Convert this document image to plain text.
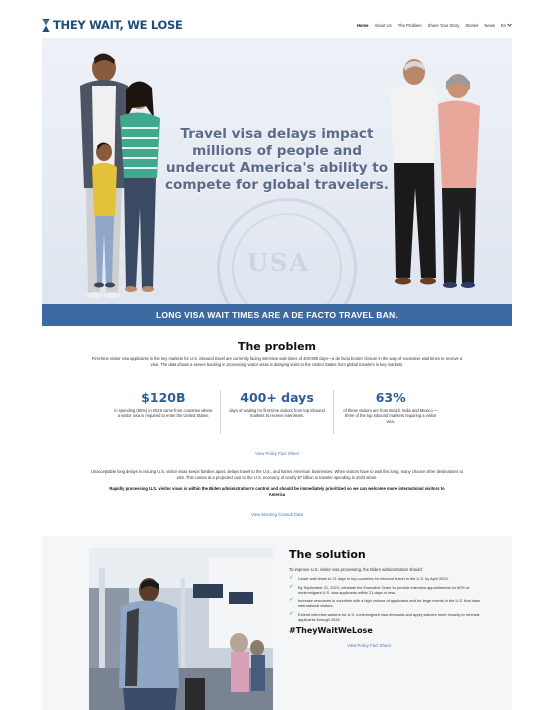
THEY WAIT, WE LOSE	Home About Us The Problem Share Your Story Stories News En
USA
Travel visa delays impact millions of people and undercut America's ability to compete for global travelers.
LONG VISA WAIT TIMES ARE A DE FACTO TRAVEL BAN.
The problem
First-time visitor visa applicants in the key markets for U.S. inbound travel are currently facing interview wait times of 400-800 days—a de facto border closure in the way of excessive wait times to receive a visa. The data shows a severe backlog in processing visitor visas is delaying visits to the United States from global travelers in key markets.
$120B
in spending (50%) in 2019 came from countries where a visitor visa is required to enter the United States.
400+ days
days of waiting for first-time visitors from top inbound markets to receive interviews.
63%
of these visitors are from Brazil, India and Mexico — three of the top inbound markets requiring a visitor visa.
View Policy Fact Sheet
Unacceptable long delays in issuing U.S. visitor visas keeps families apart, delays travel to the U.S., and harms American businesses. When visitors have to wait this long, many choose other destinations to visit. This comes at a projected cost to the U.S. economy of nearly $7 billion in traveler spending in 2023 alone.
Rapidly processing U.S. visitor visas is within the Biden administration's control and should be immediately prioritized so we can welcome more international visitors to America
View Morning Consult Data
The solution
To improve U.S. visitor visa processing, the Biden administration should:
✓ Lower wait times to 21 days in top countries for inbound travel to the U.S. by April 2023.
✓ By September 21, 2023, reinstate the Executive Order to provide interview appointments for 80% of nonimmigrant U.S. visa applicants within 21 days or less.
✓ Increase resources in countries with a high volume of applicants and for large events in the U.S. that draw international visitors.
✓ Extend interview waivers for U.S. nonimmigrant visa renewals and apply waivers more broadly to renewal applicants through 2024.
#TheyWaitWeLose
View Policy Fact Sheet
